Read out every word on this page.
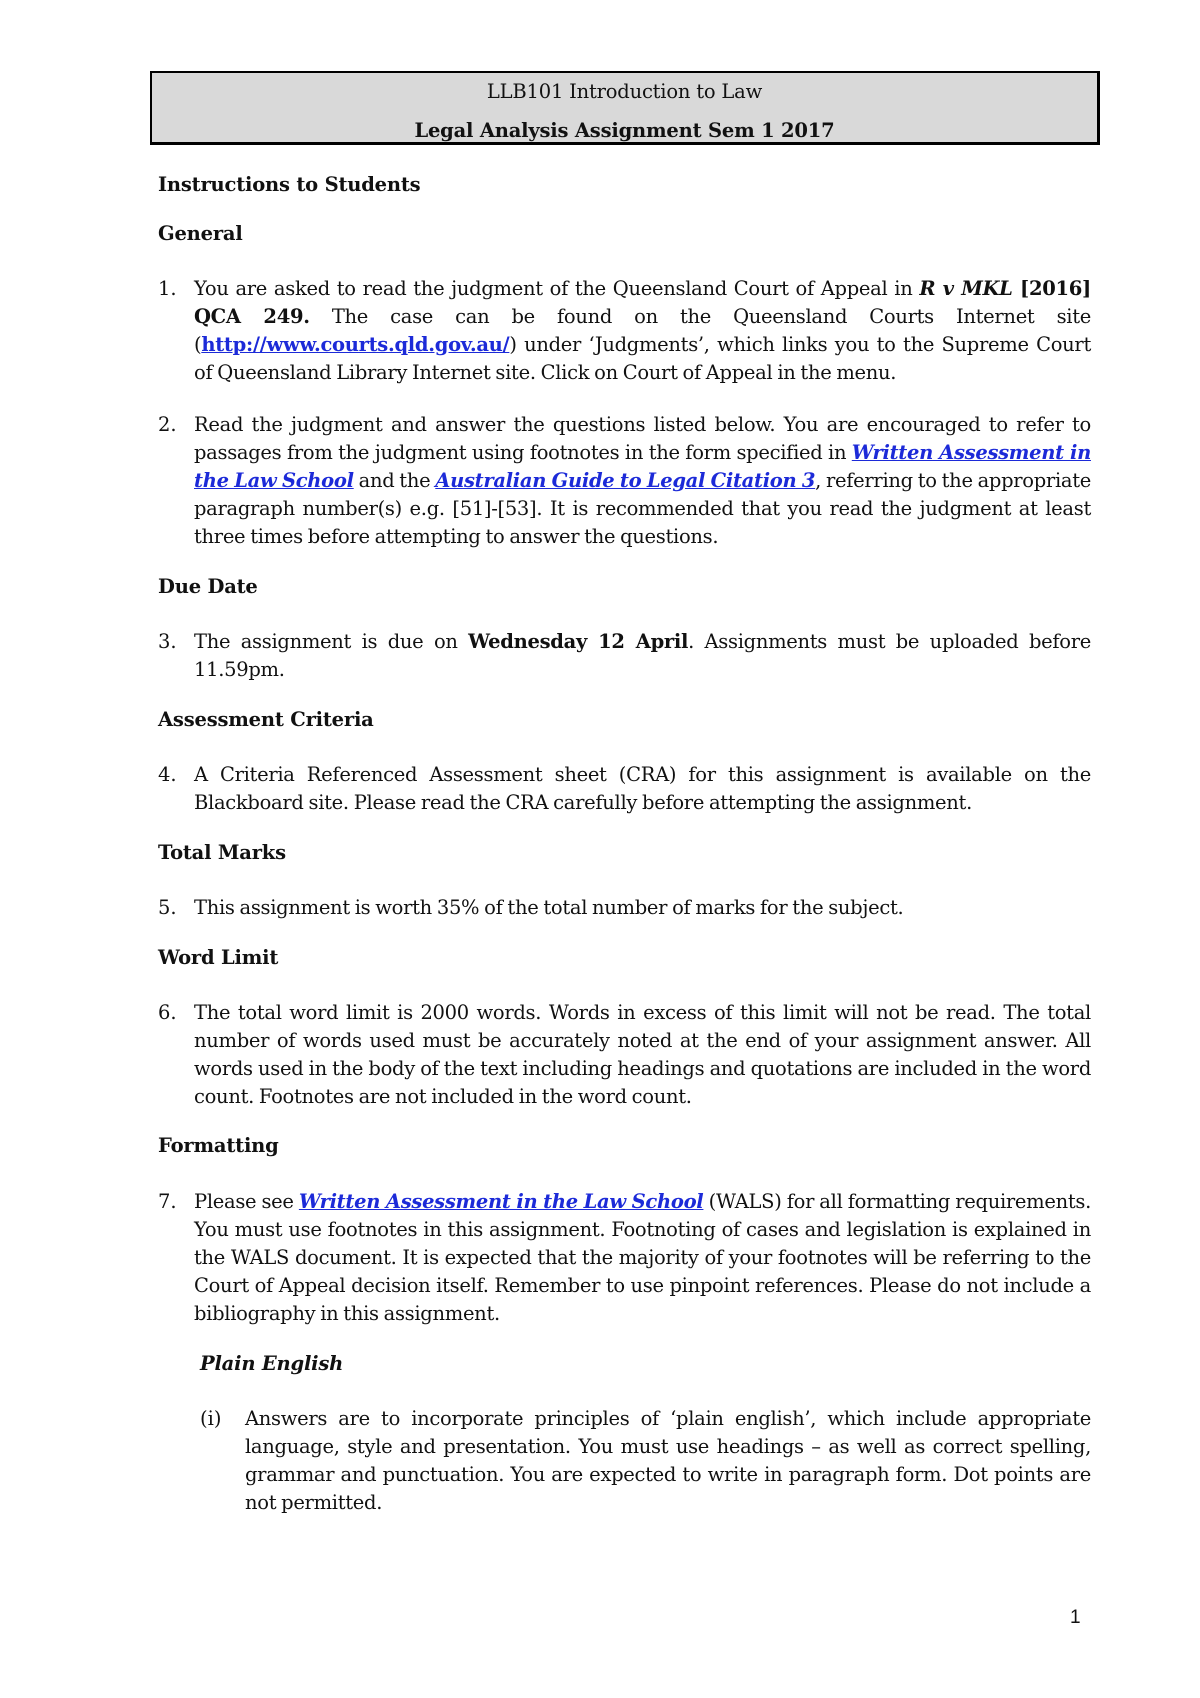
LLB101 Introduction to Law
Legal Analysis Assignment Sem 1 2017
Instructions to Students
General
1. You are asked to read the judgment of the Queensland Court of Appeal in R v MKL [2016] QCA 249. The case can be found on the Queensland Courts Internet site (http://www.courts.qld.gov.au/) under ‘Judgments’, which links you to the Supreme Court of Queensland Library Internet site. Click on Court of Appeal in the menu.
2. Read the judgment and answer the questions listed below. You are encouraged to refer to passages from the judgment using footnotes in the form specified in Written Assessment in the Law School and the Australian Guide to Legal Citation 3, referring to the appropriate paragraph number(s) e.g. [51]-[53]. It is recommended that you read the judgment at least three times before attempting to answer the questions.
Due Date
3. The assignment is due on Wednesday 12 April. Assignments must be uploaded before 11.59pm.
Assessment Criteria
4. A Criteria Referenced Assessment sheet (CRA) for this assignment is available on the Blackboard site. Please read the CRA carefully before attempting the assignment.
Total Marks
5. This assignment is worth 35% of the total number of marks for the subject.
Word Limit
6. The total word limit is 2000 words. Words in excess of this limit will not be read. The total number of words used must be accurately noted at the end of your assignment answer. All words used in the body of the text including headings and quotations are included in the word count. Footnotes are not included in the word count.
Formatting
7. Please see Written Assessment in the Law School (WALS) for all formatting requirements. You must use footnotes in this assignment. Footnoting of cases and legislation is explained in the WALS document. It is expected that the majority of your footnotes will be referring to the Court of Appeal decision itself. Remember to use pinpoint references. Please do not include a bibliography in this assignment.
Plain English
(i) Answers are to incorporate principles of ‘plain english’, which include appropriate language, style and presentation. You must use headings – as well as correct spelling, grammar and punctuation. You are expected to write in paragraph form. Dot points are not permitted.
1
